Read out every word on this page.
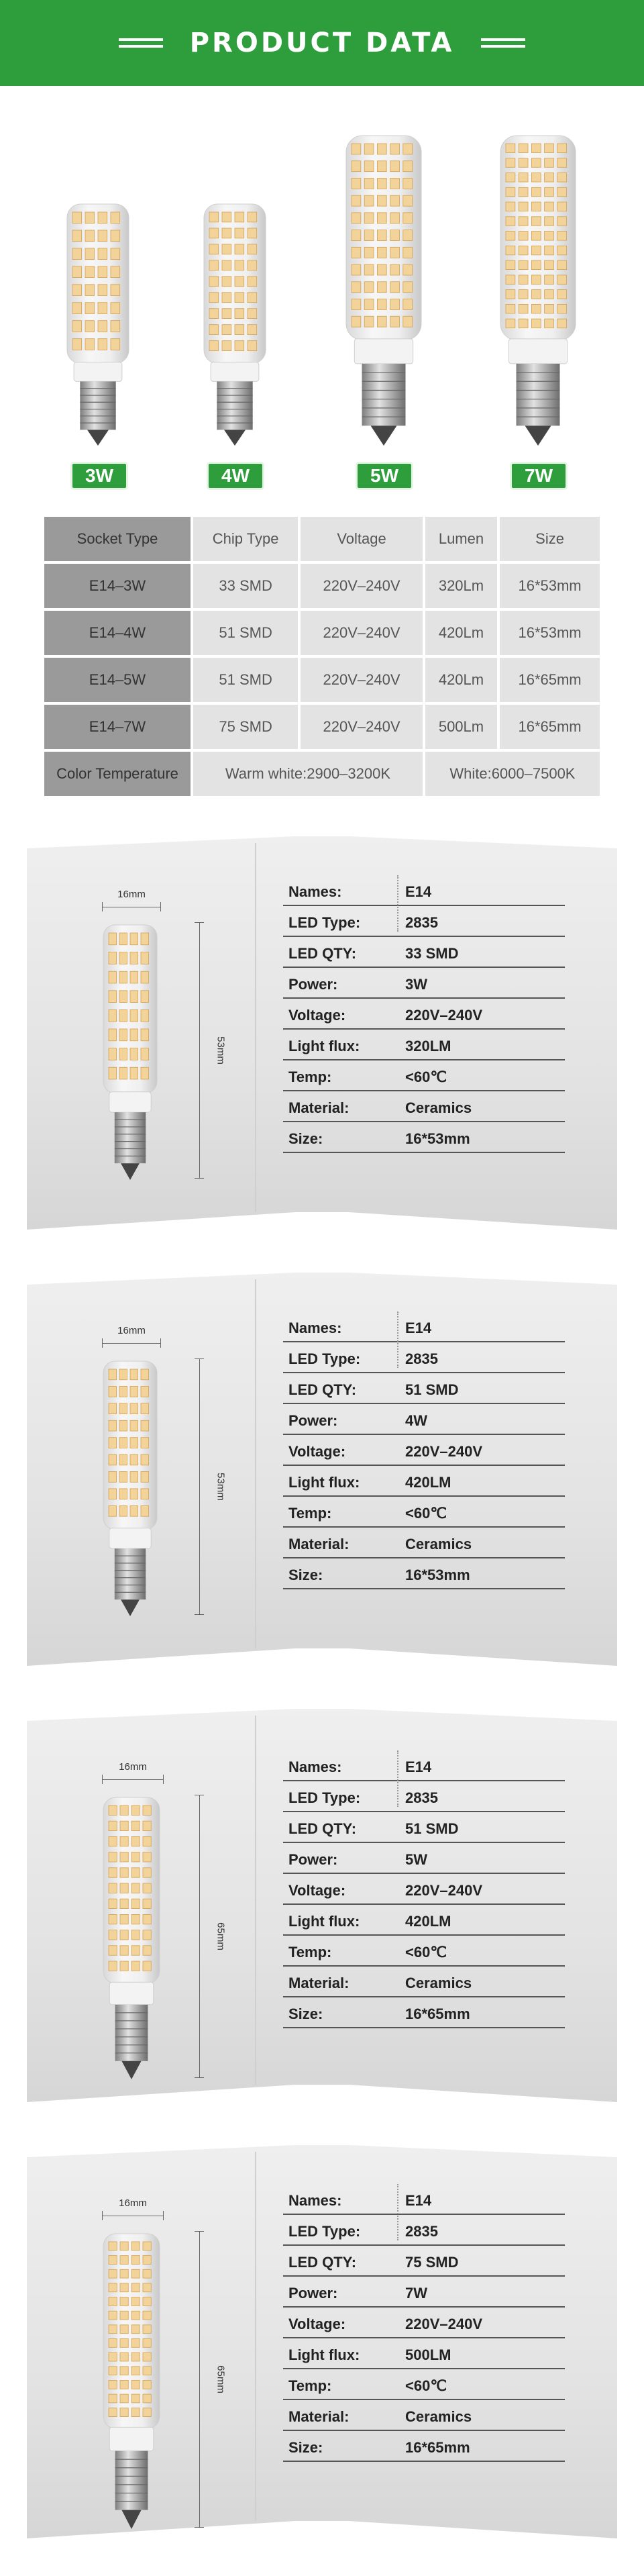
PRODUCT DATA
3W	4W	5W	7W
Socket Type	Chip Type	Voltage	Lumen	Size
E14–3W	33 SMD	220V–240V	320Lm	16*53mm
E14–4W	51 SMD	220V–240V	420Lm	16*53mm
E14–5W	51 SMD	220V–240V	420Lm	16*65mm
E14–7W	75 SMD	220V–240V	500Lm	16*65mm
Color Temperature	Warm white:2900–3200K		White:6000–7500K	
16mm
53mm
Names:	E14
LED Type:	2835
LED QTY:	33 SMD
Power:	3W
Voltage:	220V–240V
Light flux:	320LM
Temp:	<60℃
Material:	Ceramics
Size:	16*53mm
16mm
53mm
Names:	E14
LED Type:	2835
LED QTY:	51 SMD
Power:	4W
Voltage:	220V–240V
Light flux:	420LM
Temp:	<60℃
Material:	Ceramics
Size:	16*53mm
16mm
65mm
Names:	E14
LED Type:	2835
LED QTY:	51 SMD
Power:	5W
Voltage:	220V–240V
Light flux:	420LM
Temp:	<60℃
Material:	Ceramics
Size:	16*65mm
16mm
65mm
Names:	E14
LED Type:	2835
LED QTY:	75 SMD
Power:	7W
Voltage:	220V–240V
Light flux:	500LM
Temp:	<60℃
Material:	Ceramics
Size:	16*65mm
